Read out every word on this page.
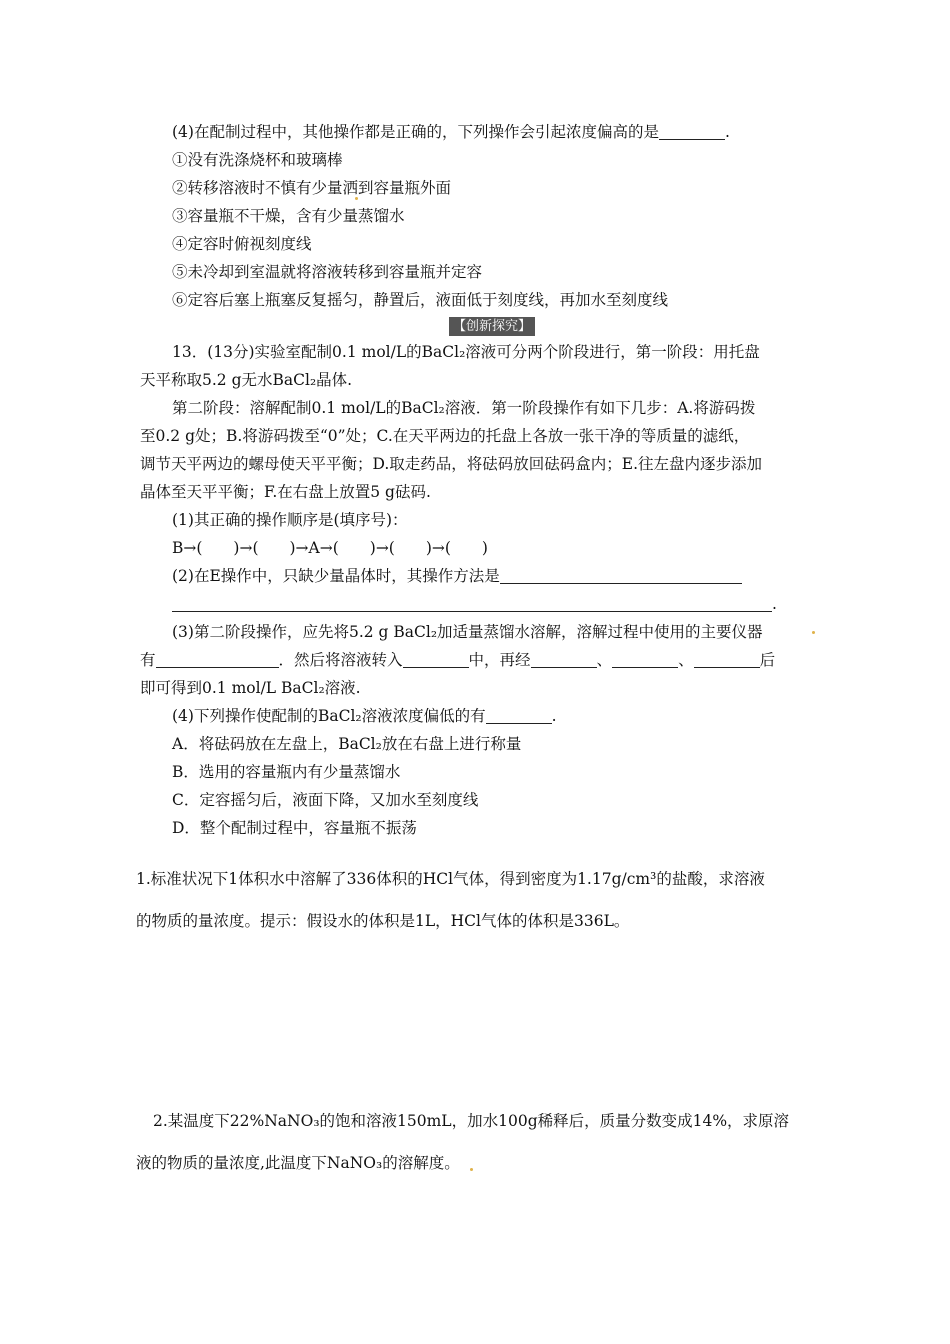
(4)在配制过程中，其他操作都是正确的，下列操作会引起浓度偏高的是	.
①没有洗涤烧杯和玻璃棒
②转移溶液时不慎有少量洒到容量瓶外面
③容量瓶不干燥，含有少量蒸馏水
④定容时俯视刻度线
⑤未冷却到室温就将溶液转移到容量瓶并定容
⑥定容后塞上瓶塞反复摇匀，静置后，液面低于刻度线，再加水至刻度线
【创新探究】
13．(13分)实验室配制0.1 mol/L的BaCl₂溶液可分两个阶段进行，第一阶段：用托盘
天平称取5.2 g无水BaCl₂晶体.
第二阶段：溶解配制0.1 mol/L的BaCl₂溶液．第一阶段操作有如下几步：A.将游码拨
至0.2 g处；B.将游码拨至“0”处；C.在天平两边的托盘上各放一张干净的等质量的滤纸，
调节天平两边的螺母使天平平衡；D.取走药品，将砝码放回砝码盒内；E.往左盘内逐步添加
晶体至天平平衡；F.在右盘上放置5 g砝码.
(1)其正确的操作顺序是(填序号)：
B→(　　)→(　　)→A→(　　)→(　　)→(　　)
(2)在E操作中，只缺少量晶体时，其操作方法是
.
(3)第二阶段操作，应先将5.2 g BaCl₂加适量蒸馏水溶解，溶解过程中使用的主要仪器
有	．然后将溶液转入	中，再经	、	、	后
即可得到0.1 mol/L BaCl₂溶液.
(4)下列操作使配制的BaCl₂溶液浓度偏低的有	.
A．将砝码放在左盘上，BaCl₂放在右盘上进行称量
B．选用的容量瓶内有少量蒸馏水
C．定容摇匀后，液面下降，又加水至刻度线
D．整个配制过程中，容量瓶不振荡
1.标准状况下1体积水中溶解了336体积的HCl气体，得到密度为1.17g/cm³的盐酸，求溶液
的物质的量浓度。提示：假设水的体积是1L，HCl气体的体积是336L。
2.某温度下22%NaNO₃的饱和溶液150mL，加水100g稀释后，质量分数变成14%，求原溶
液的物质的量浓度,此温度下NaNO₃的溶解度。
